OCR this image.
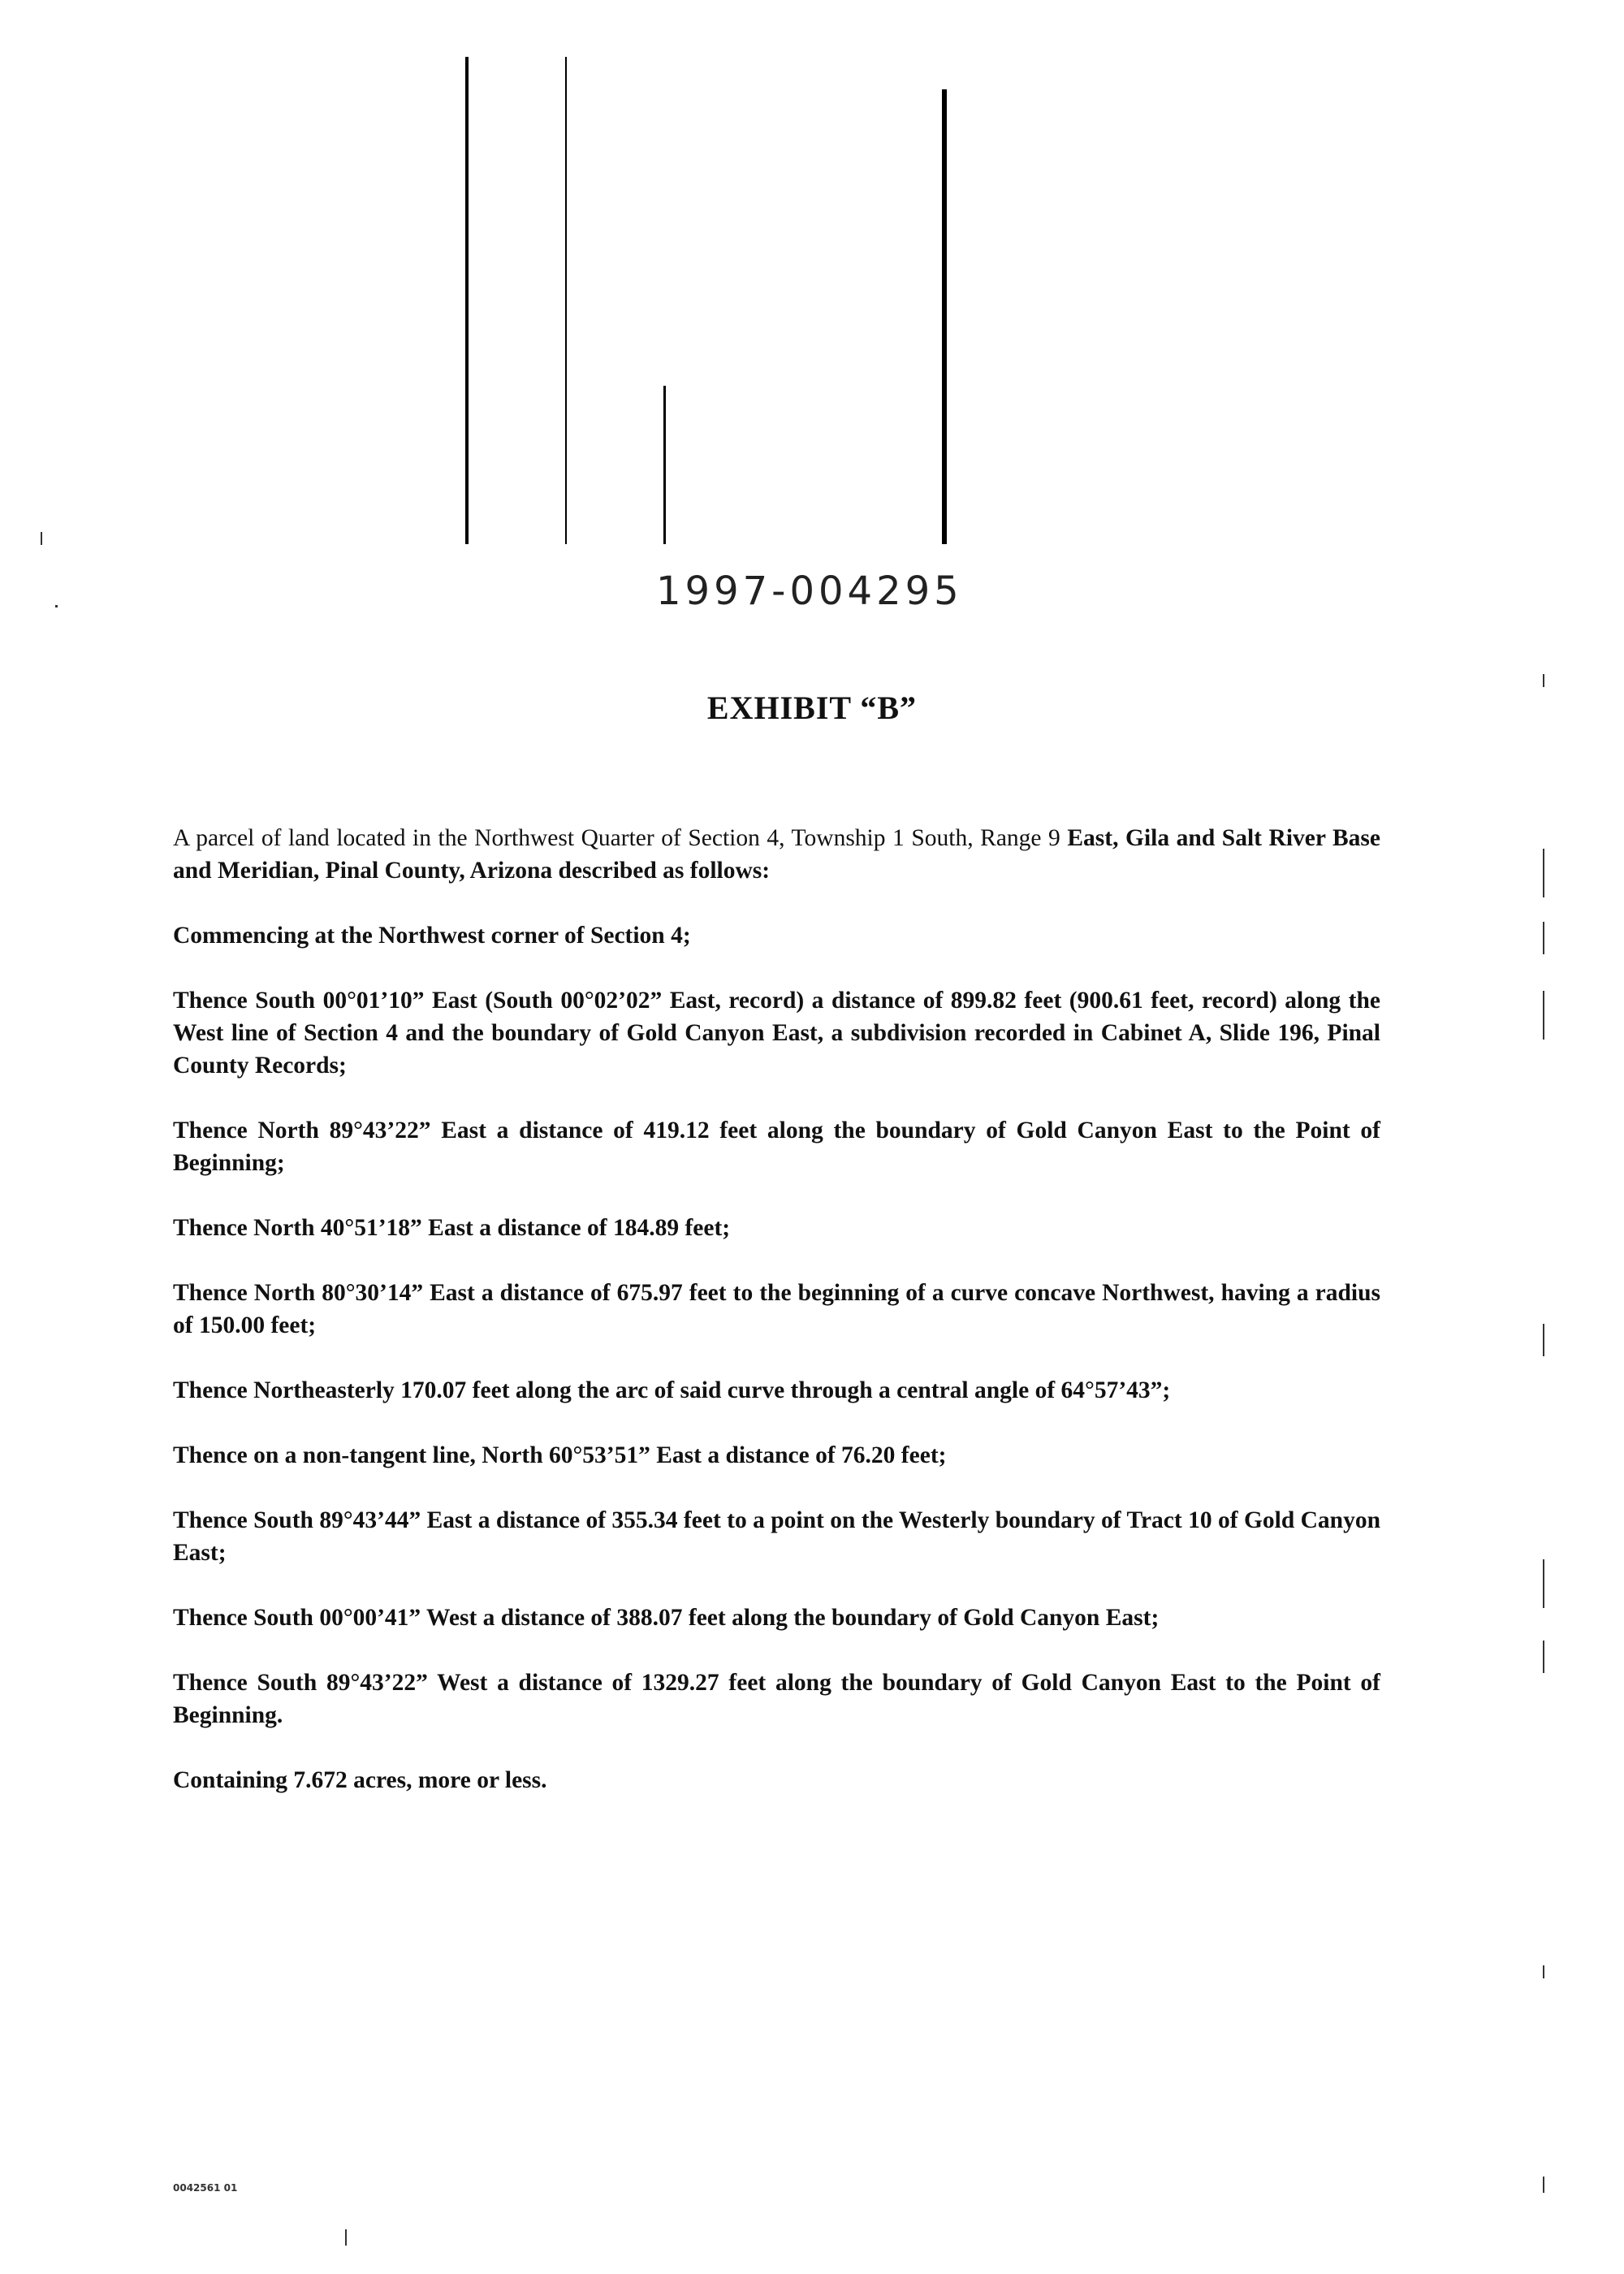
1997-004295
EXHIBIT “B”

A parcel of land located in the Northwest Quarter of Section 4, Township 1 South, Range 9 East, Gila and Salt River Base and Meridian, Pinal County, Arizona described as follows:

Commencing at the Northwest corner of Section 4;

Thence South 00°01’10” East (South 00°02’02” East, record) a distance of 899.82 feet (900.61 feet, record) along the West line of Section 4 and the boundary of Gold Canyon East, a subdivision recorded in Cabinet A, Slide 196, Pinal County Records;

Thence North 89°43’22” East a distance of 419.12 feet along the boundary of Gold Canyon East to the Point of Beginning;

Thence North 40°51’18” East a distance of 184.89 feet;

Thence North 80°30’14” East a distance of 675.97 feet to the beginning of a curve concave Northwest, having a radius of 150.00 feet;

Thence Northeasterly 170.07 feet along the arc of said curve through a central angle of 64°57’43”;

Thence on a non-tangent line, North 60°53’51” East a distance of 76.20 feet;

Thence South 89°43’44” East a distance of 355.34 feet to a point on the Westerly boundary of Tract 10 of Gold Canyon East;

Thence South 00°00’41” West a distance of 388.07 feet along the boundary of Gold Canyon East;

Thence South 89°43’22” West a distance of 1329.27 feet along the boundary of Gold Canyon East to the Point of Beginning.

Containing 7.672 acres, more or less.

0042561 01
